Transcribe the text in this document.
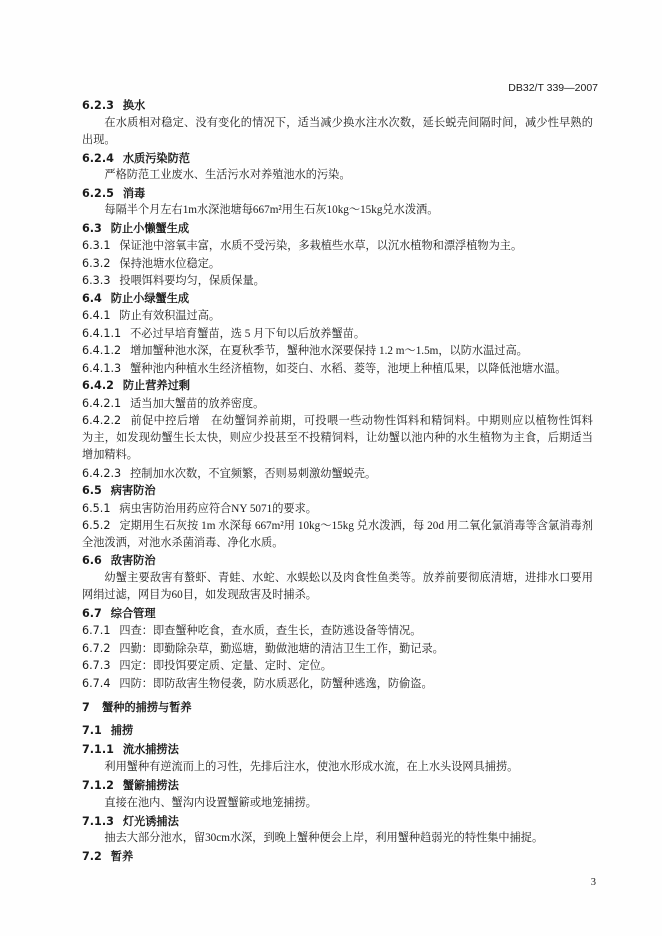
DB32/T 339—2007
6.2.3 换水
在水质相对稳定、没有变化的情况下，适当减少换水注水次数，延长蜕壳间隔时间，减少性早熟的
出现。
6.2.4 水质污染防范
严格防范工业废水、生活污水对养殖池水的污染。
6.2.5 消毒
每隔半个月左右1m水深池塘每667m²用生石灰10kg～15kg兑水泼洒。
6.3 防止小懒蟹生成
6.3.1 保证池中溶氧丰富，水质不受污染，多栽植些水草，以沉水植物和漂浮植物为主。
6.3.2 保持池塘水位稳定。
6.3.3 投喂饵料要均匀，保质保量。
6.4 防止小绿蟹生成
6.4.1 防止有效积温过高。
6.4.1.1 不必过早培育蟹苗，选 5 月下旬以后放养蟹苗。
6.4.1.2 增加蟹种池水深，在夏秋季节，蟹种池水深要保持 1.2 m～1.5m，以防水温过高。
6.4.1.3 蟹种池内种植水生经济植物，如茭白、水稻、菱等，池埂上种植瓜果，以降低池塘水温。
6.4.2 防止营养过剩
6.4.2.1 适当加大蟹苗的放养密度。
6.4.2.2 前促中控后增 在幼蟹饲养前期，可投喂一些动物性饵料和精饲料。中期则应以植物性饵料
为主，如发现幼蟹生长太快，则应少投甚至不投精饲料，让幼蟹以池内种的水生植物为主食，后期适当
增加精料。
6.4.2.3 控制加水次数，不宜频繁，否则易刺激幼蟹蜕壳。
6.5 病害防治
6.5.1 病虫害防治用药应符合NY 5071的要求。
6.5.2 定期用生石灰按 1m 水深每 667m²用 10kg～15kg 兑水泼洒，每 20d 用二氧化氯消毒等含氯消毒剂
全池泼洒，对池水杀菌消毒、净化水质。
6.6 敌害防治
幼蟹主要敌害有螯虾、青蛙、水蛇、水蜈蚣以及肉食性鱼类等。放养前要彻底清塘，进排水口要用
网绢过滤，网目为60目，如发现敌害及时捕杀。
6.7 综合管理
6.7.1 四查：即查蟹种吃食，查水质，查生长，查防逃设备等情况。
6.7.2 四勤：即勤除杂草，勤巡塘，勤做池塘的清洁卫生工作，勤记录。
6.7.3 四定：即投饵要定质、定量、定时、定位。
6.7.4 四防：即防敌害生物侵袭，防水质恶化，防蟹种逃逸，防偷盗。
7 蟹种的捕捞与暂养
7.1 捕捞
7.1.1 流水捕捞法
利用蟹种有逆流而上的习性，先排后注水，使池水形成水流，在上水头设网具捕捞。
7.1.2 蟹簖捕捞法
直接在池内、蟹沟内设置蟹簖或地笼捕捞。
7.1.3 灯光诱捕法
抽去大部分池水，留30cm水深，到晚上蟹种便会上岸，利用蟹种趋弱光的特性集中捕捉。
7.2 暂养
3
